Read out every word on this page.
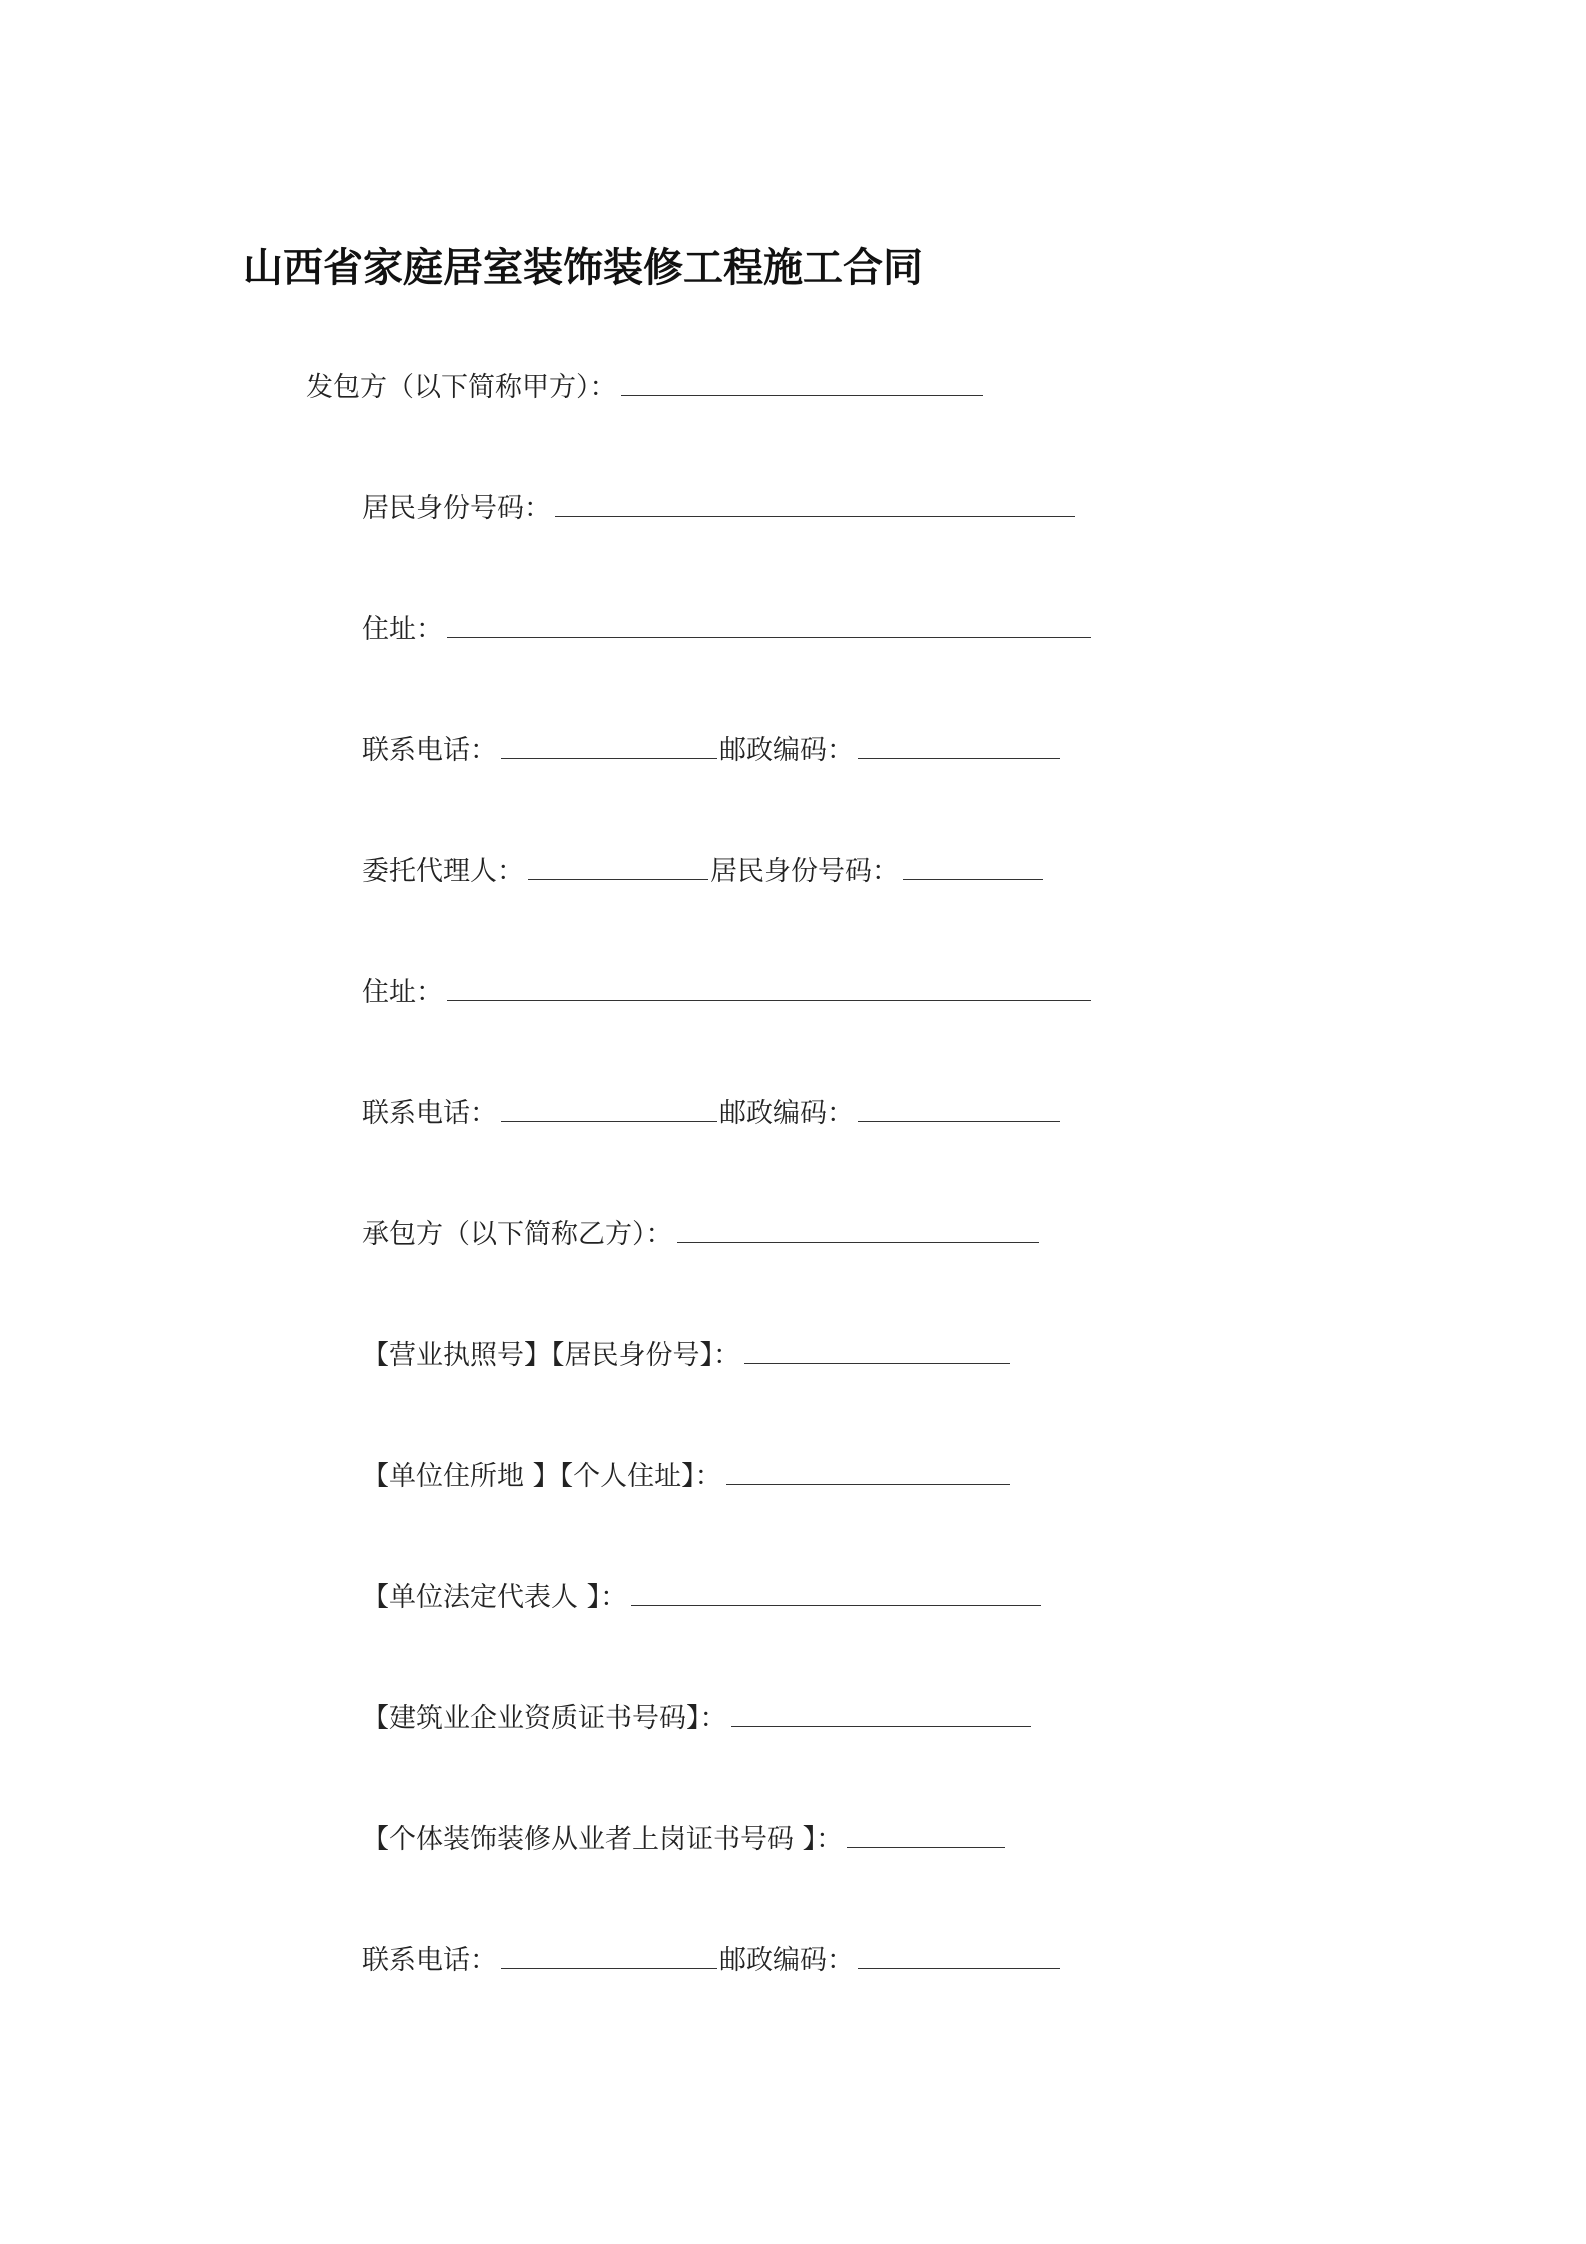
山西省家庭居室装饰装修工程施工合同
发包方（以下简称甲方）：
居民身份号码：
住址：
联系电话：	邮政编码：
委托代理人：	居民身份号码：
住址：
联系电话：	邮政编码：
承包方（以下简称乙方）：
【营业执照号】【居民身份号】：
【单位住所地 】【个人住址】：
【单位法定代表人 】：
【建筑业企业资质证书号码】：
【个体装饰装修从业者上岗证书号码 】：
联系电话：	邮政编码：
